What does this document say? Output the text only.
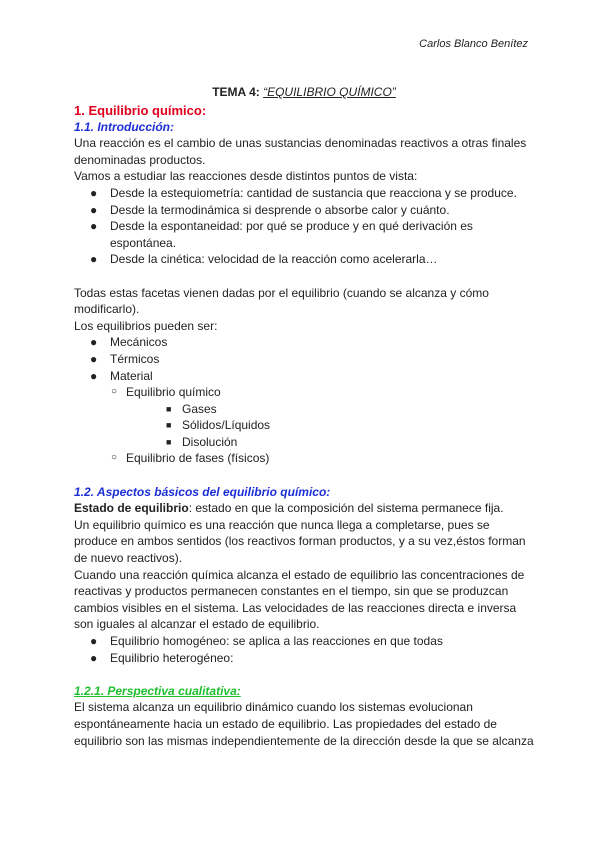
Carlos Blanco Benítez
TEMA 4: “EQUILIBRIO QUÍMICO”
1. Equilibrio químico:
1.1. Introducción:

Una reacción es el cambio de unas sustancias denominadas reactivos a otras finales denominadas productos.

Vamos a estudiar las reacciones desde distintos puntos de vista:

● Desde la estequiometría: cantidad de sustancia que reacciona y se produce.
● Desde la termodinámica si desprende o absorbe calor y cuánto.
● Desde la espontaneidad: por qué se produce y en qué derivación es espontánea.
● Desde la cinética: velocidad de la reacción como acelerarla…

Todas estas facetas vienen dadas por el equilibrio (cuando se alcanza y cómo modificarlo).

Los equilibrios pueden ser:

● Mecánicos
● Térmicos
● Material
○ Equilibrio químico
■ Gases
■ Sólidos/Líquidos
■ Disolución
○ Equilibrio de fases (físicos)
1.2. Aspectos básicos del equilibrio químico:

Estado de equilibrio: estado en que la composición del sistema permanece fija.

Un equilibrio químico es una reacción que nunca llega a completarse, pues se produce en ambos sentidos (los reactivos forman productos, y a su vez,éstos forman de nuevo reactivos).

Cuando una reacción química alcanza el estado de equilibrio las concentraciones de reactivas y productos permanecen constantes en el tiempo, sin que se produzcan cambios visibles en el sistema. Las velocidades de las reacciones directa e inversa son iguales al alcanzar el estado de equilibrio.

● Equilibrio homogéneo: se aplica a las reacciones en que todas
● Equilibrio heterogéneo:
1.2.1. Perspectiva cualitativa:

El sistema alcanza un equilibrio dinámico cuando los sistemas evolucionan espontáneamente hacia un estado de equilibrio. Las propiedades del estado de equilibrio son las mismas independientemente de la dirección desde la que se alcanza
